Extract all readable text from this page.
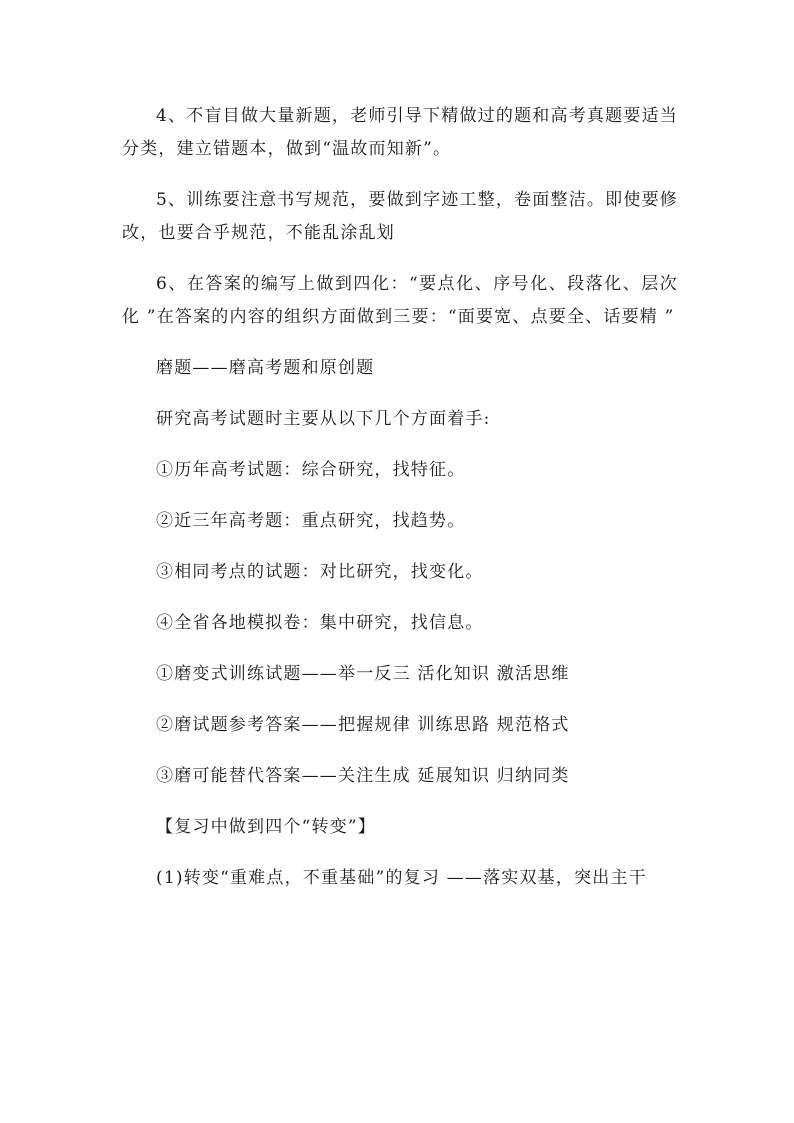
4、不盲目做大量新题，老师引导下精做过的题和高考真题要适当分类，建立错题本，做到“温故而知新”。

5、训练要注意书写规范，要做到字迹工整，卷面整洁。即使要修改，也要合乎规范，不能乱涂乱划

6、在答案的编写上做到四化：“要点化、序号化、段落化、层次化 ”在答案的内容的组织方面做到三要：“面要宽、点要全、话要精 ”

磨题——磨高考题和原创题

研究高考试题时主要从以下几个方面着手:

①历年高考试题：综合研究，找特征。

②近三年高考题：重点研究，找趋势。

③相同考点的试题：对比研究，找变化。

④全省各地模拟卷：集中研究，找信息。

①磨变式训练试题——举一反三 活化知识 激活思维

②磨试题参考答案——把握规律 训练思路 规范格式

③磨可能替代答案——关注生成 延展知识 归纳同类

【复习中做到四个“转变”】

(1)转变“重难点，不重基础”的复习 ——落实双基，突出主干
